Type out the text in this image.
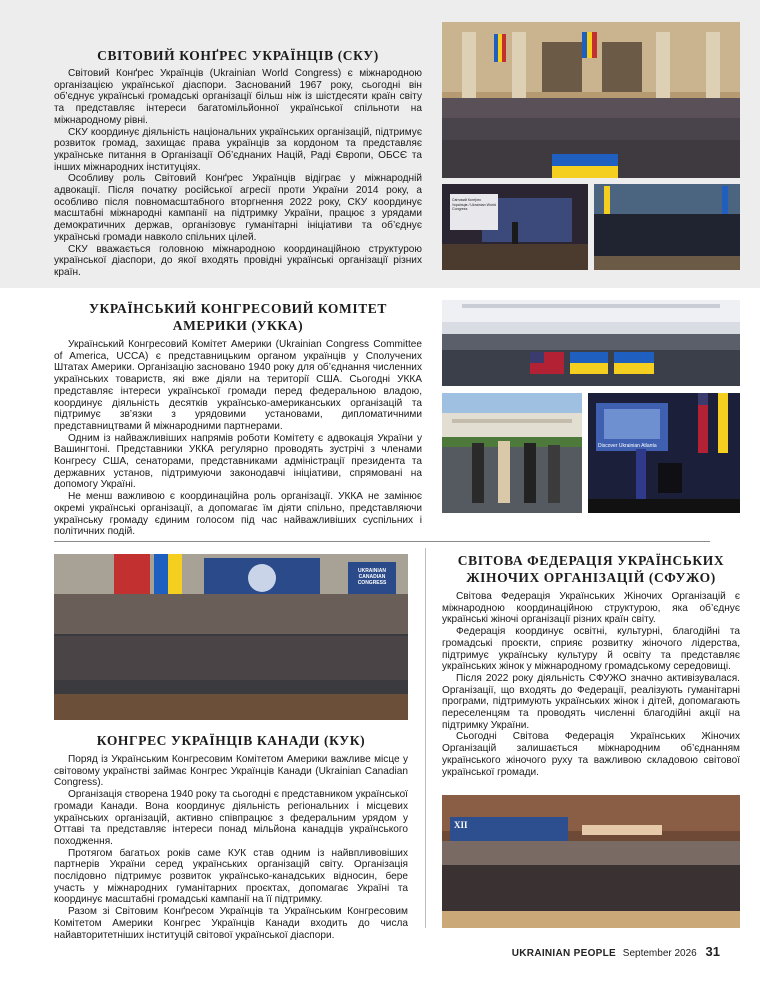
СВІТОВИЙ КОНҐРЕС УКРАЇНЦІВ (СКУ)

Світовий Конґрес Українців (Ukrainian World Congress) є міжнародною організацією української діаспори. Заснований 1967 року, сьогодні він об’єднує українські громадські організації більш ніж із шістдесяти країн світу та представляє інтереси багатомільйонної української спільноти на міжнародному рівні.

СКУ координує діяльність національних українських організацій, підтримує розвиток громад, захищає права українців за кордоном та представляє українське питання в Організації Об’єднаних Націй, Раді Європи, ОБСЄ та інших міжнародних інституціях.

Особливу роль Світовий Конґрес Українців відіграє у міжнародній адвокації. Після початку російської агресії проти України 2014 року, а особливо після повномасштабного вторгнення 2022 року, СКУ координує масштабні міжнародні кампанії на підтримку України, працює з урядами демократичних держав, організовує гуманітарні ініціативи та об’єднує українські громади навколо спільних цілей.

СКУ вважається головною міжнародною координаційною структурою української діаспори, до якої входять провідні українські організації різних країн.

Світовий Конґрес Українців / Ukrainian World Congress
УКРАЇНСЬКИЙ КОНГРЕСОВИЙ КОМІТЕТ АМЕРИКИ (УККА)

Український Конгресовий Комітет Америки (Ukrainian Congress Committee of America, UCCA) є представницьким органом українців у Сполучених Штатах Америки. Організацію засновано 1940 року для об’єднання численних українських товариств, які вже діяли на території США. Сьогодні УККА представляє інтереси української громади перед федеральною владою, координує діяльність десятків українсько-американських організацій та підтримує зв’язки з урядовими установами, дипломатичними представництвами й міжнародними партнерами.

Одним із найважливіших напрямів роботи Комітету є адвокація України у Вашингтоні. Представники УККА регулярно проводять зустрічі з членами Конгресу США, сенаторами, представниками адміністрації президента та державних установ, підтримуючи законодавчі ініціативи, спрямовані на допомогу Україні.

Не менш важливою є координаційна роль організації. УККА не замінює окремі українські організації, а допомагає їм діяти спільно, представляючи українську громаду єдиним голосом під час найважливіших суспільних і політичних подій.

Discover Ukrainian Atlanta
UKRAINIAN CANADIAN CONGRESS
КОНГРЕС УКРАЇНЦІВ КАНАДИ (КУК)

Поряд із Українським Конгресовим Комітетом Америки важливе місце у світовому українстві займає Конгрес Українців Канади (Ukrainian Canadian Congress).

Організація створена 1940 року та сьогодні є представником української громади Канади. Вона координує діяльність регіональних і місцевих українських організацій, активно співпрацює з федеральним урядом у Оттаві та представляє інтереси понад мільйона канадців українського походження.

Протягом багатьох років саме КУК став одним із найвпливовіших партнерів України серед українських організацій світу. Організація послідовно підтримує розвиток українсько-канадських відносин, бере участь у міжнародних гуманітарних проєктах, допомагає Україні та координує масштабні громадські кампанії на її підтримку.

Разом зі Світовим Конґресом Українців та Українським Конгресовим Комітетом Америки Конгрес Українців Канади входить до числа найавторитетніших інституцій світової української діаспори.

СВІТОВА ФЕДЕРАЦІЯ УКРАЇНСЬКИХ ЖІНОЧИХ ОРГАНІЗАЦІЙ (СФУЖО)

Світова Федерація Українських Жіночих Організацій є міжнародною координаційною структурою, яка об’єднує українські жіночі організації різних країн світу.

Федерація координує освітні, культурні, благодійні та громадські проєкти, сприяє розвитку жіночого лідерства, підтримує українську культуру й освіту та представляє українських жінок у міжнародному громадському середовищі.

Після 2022 року діяльність СФУЖО значно активізувалася. Організації, що входять до Федерації, реалізують гуманітарні програми, підтримують українських жінок і дітей, допомагають переселенцям та проводять численні благодійні акції на підтримку України.

Сьогодні Світова Федерація Українських Жіночих Організацій залишається міжнародним об’єднанням українського жіночого руху та важливою складовою світової української громади.

XII
UKRAINIAN PEOPLE September 2026 31
